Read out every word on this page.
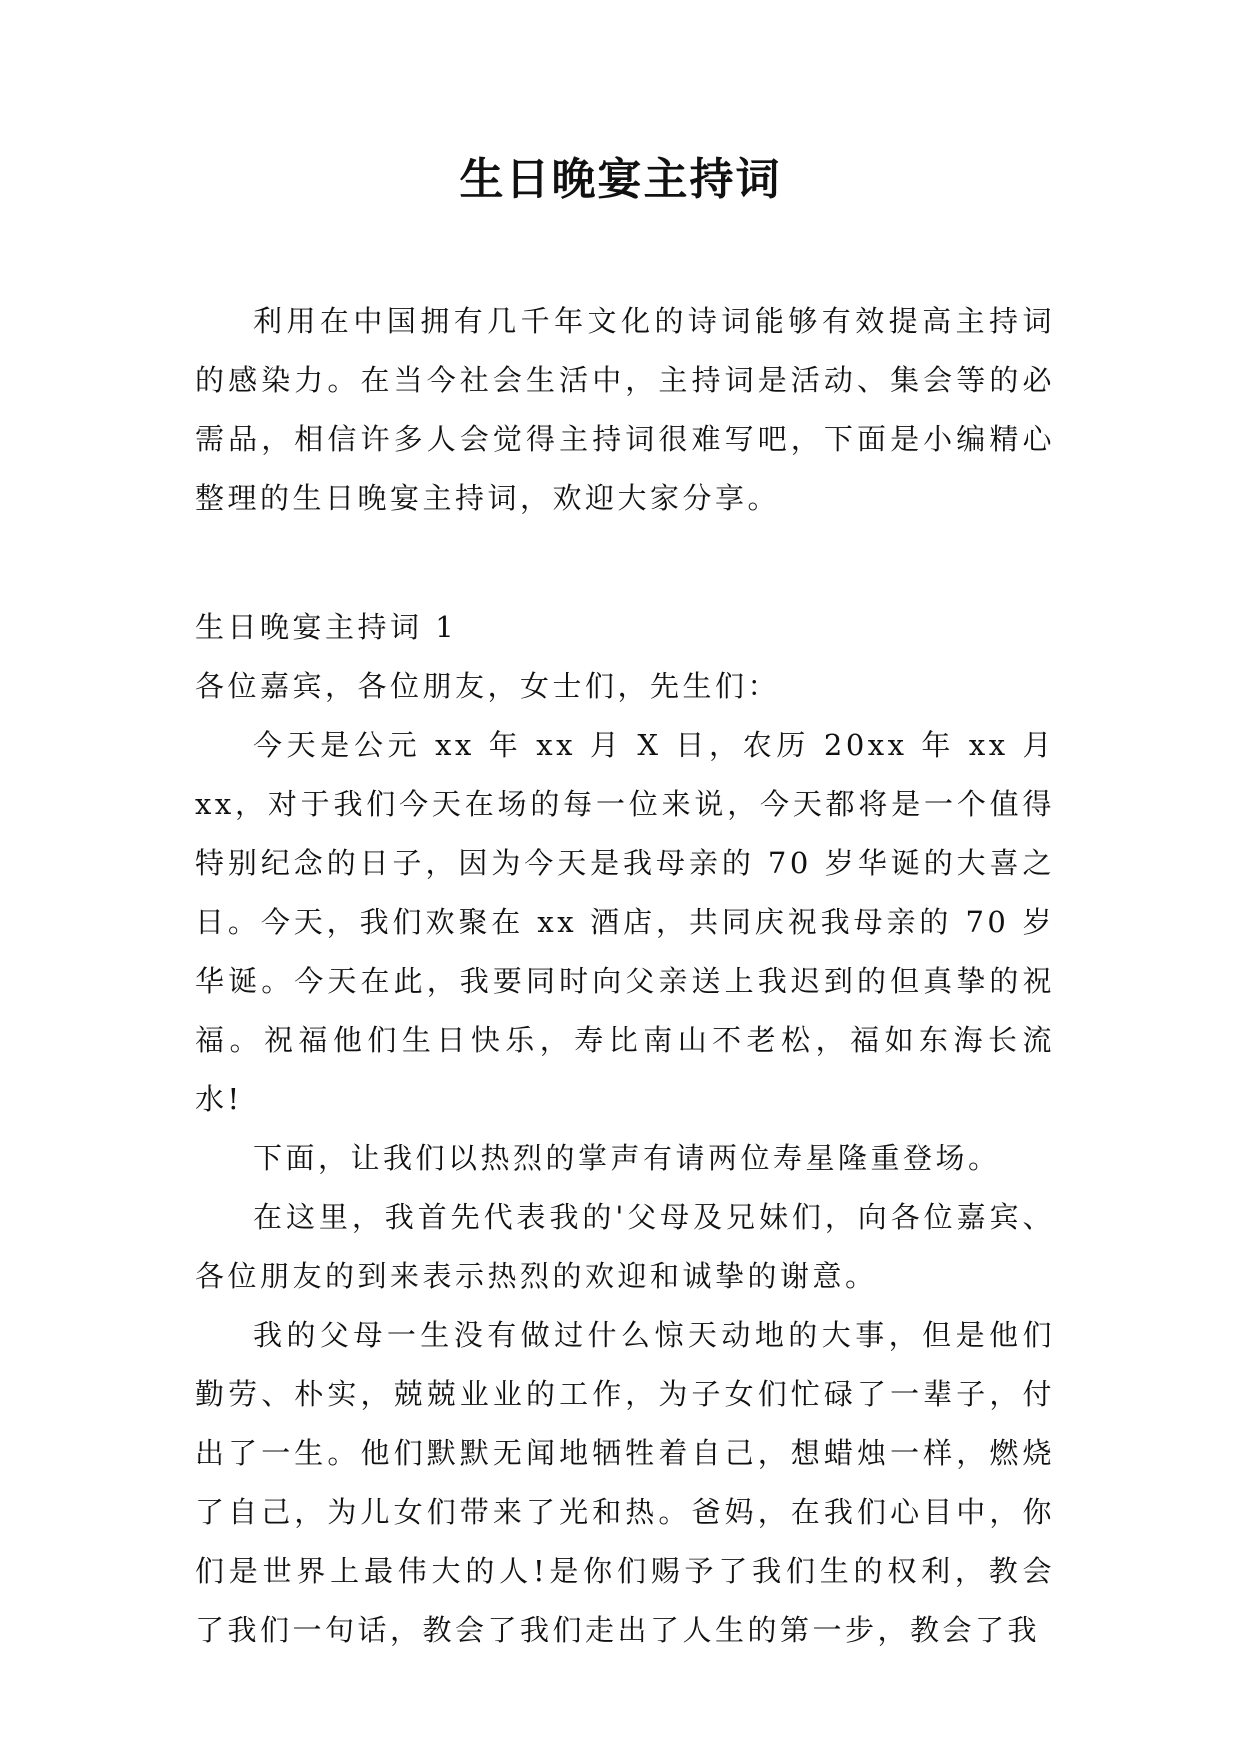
生日晚宴主持词

利用在中国拥有几千年文化的诗词能够有效提高主持词的感染力。在当今社会生活中，主持词是活动、集会等的必需品，相信许多人会觉得主持词很难写吧，下面是小编精心整理的生日晚宴主持词，欢迎大家分享。

生日晚宴主持词 1

各位嘉宾，各位朋友，女士们，先生们：

今天是公元 xx 年 xx 月 X 日，农历 20xx 年 xx 月 xx，对于我们今天在场的每一位来说，今天都将是一个值得特别纪念的日子，因为今天是我母亲的 70 岁华诞的大喜之日。今天，我们欢聚在 xx 酒店，共同庆祝我母亲的 70 岁华诞。今天在此，我要同时向父亲送上我迟到的但真挚的祝福。祝福他们生日快乐，寿比南山不老松，福如东海长流水!

下面，让我们以热烈的掌声有请两位寿星隆重登场。

在这里，我首先代表我的'父母及兄妹们，向各位嘉宾、各位朋友的到来表示热烈的欢迎和诚挚的谢意。

我的父母一生没有做过什么惊天动地的大事，但是他们勤劳、朴实，兢兢业业的工作，为子女们忙碌了一辈子，付出了一生。他们默默无闻地牺牲着自己，想蜡烛一样，燃烧了自己，为儿女们带来了光和热。爸妈，在我们心目中，你们是世界上最伟大的人!是你们赐予了我们生的权利，教会了我们一句话，教会了我们走出了人生的第一步，教会了我
